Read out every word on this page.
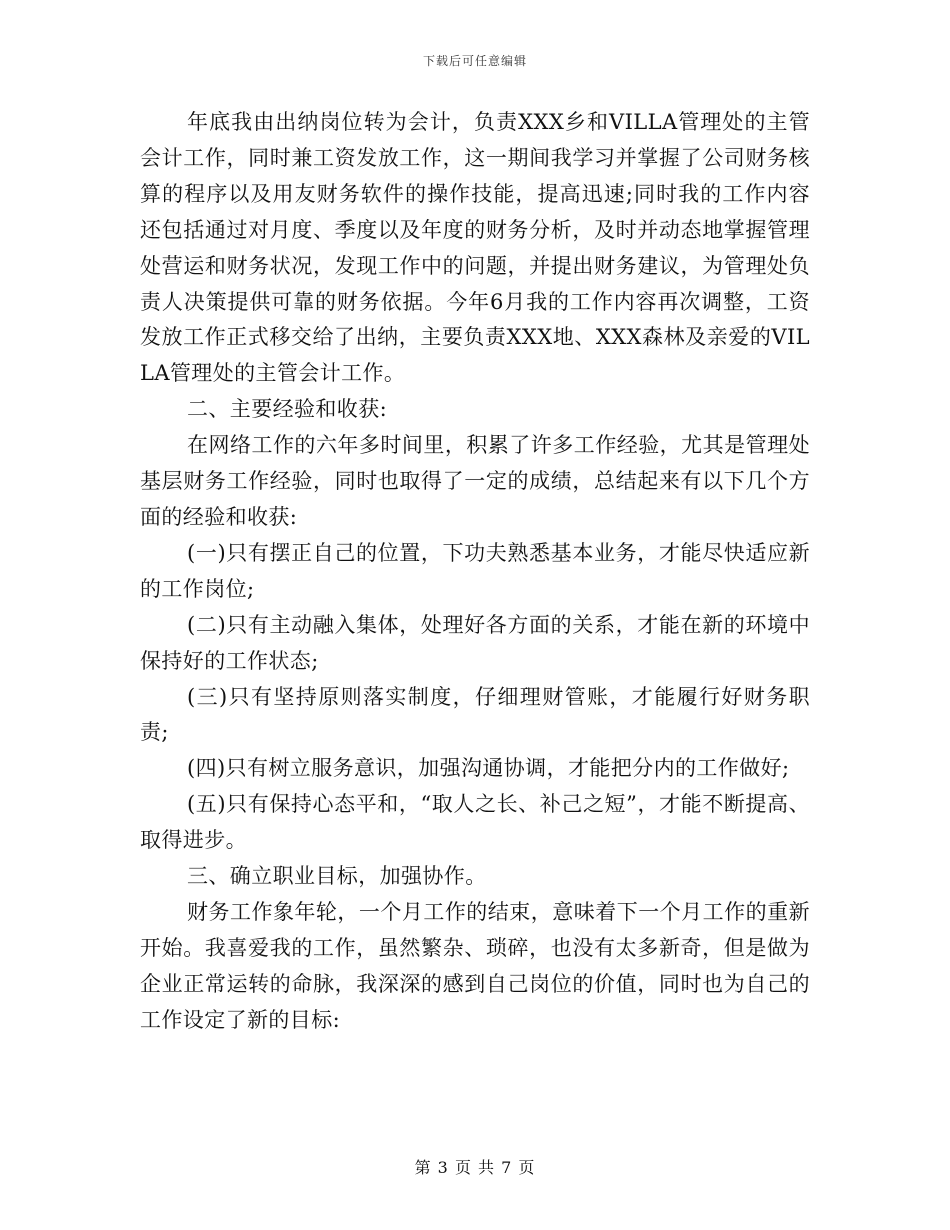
下载后可任意编辑

年底我由出纳岗位转为会计，负责XXX乡和VILLA管理处的主管会计工作，同时兼工资发放工作，这一期间我学习并掌握了公司财务核算的程序以及用友财务软件的操作技能，提高迅速;同时我的工作内容还包括通过对月度、季度以及年度的财务分析，及时并动态地掌握管理处营运和财务状况，发现工作中的问题，并提出财务建议，为管理处负责人决策提供可靠的财务依据。今年6月我的工作内容再次调整，工资发放工作正式移交给了出纳，主要负责XXX地、XXX森林及亲爱的VILLA管理处的主管会计工作。

二、主要经验和收获:

在网络工作的六年多时间里，积累了许多工作经验，尤其是管理处基层财务工作经验，同时也取得了一定的成绩，总结起来有以下几个方面的经验和收获:

(一)只有摆正自己的位置，下功夫熟悉基本业务，才能尽快适应新的工作岗位;

(二)只有主动融入集体，处理好各方面的关系，才能在新的环境中保持好的工作状态;

(三)只有坚持原则落实制度，仔细理财管账，才能履行好财务职责;

(四)只有树立服务意识，加强沟通协调，才能把分内的工作做好;

(五)只有保持心态平和，“取人之长、补己之短”，才能不断提高、取得进步。

三、确立职业目标，加强协作。

财务工作象年轮，一个月工作的结束，意味着下一个月工作的重新开始。我喜爱我的工作，虽然繁杂、琐碎，也没有太多新奇，但是做为企业正常运转的命脉，我深深的感到自己岗位的价值，同时也为自己的工作设定了新的目标:

第 3 页 共 7 页
